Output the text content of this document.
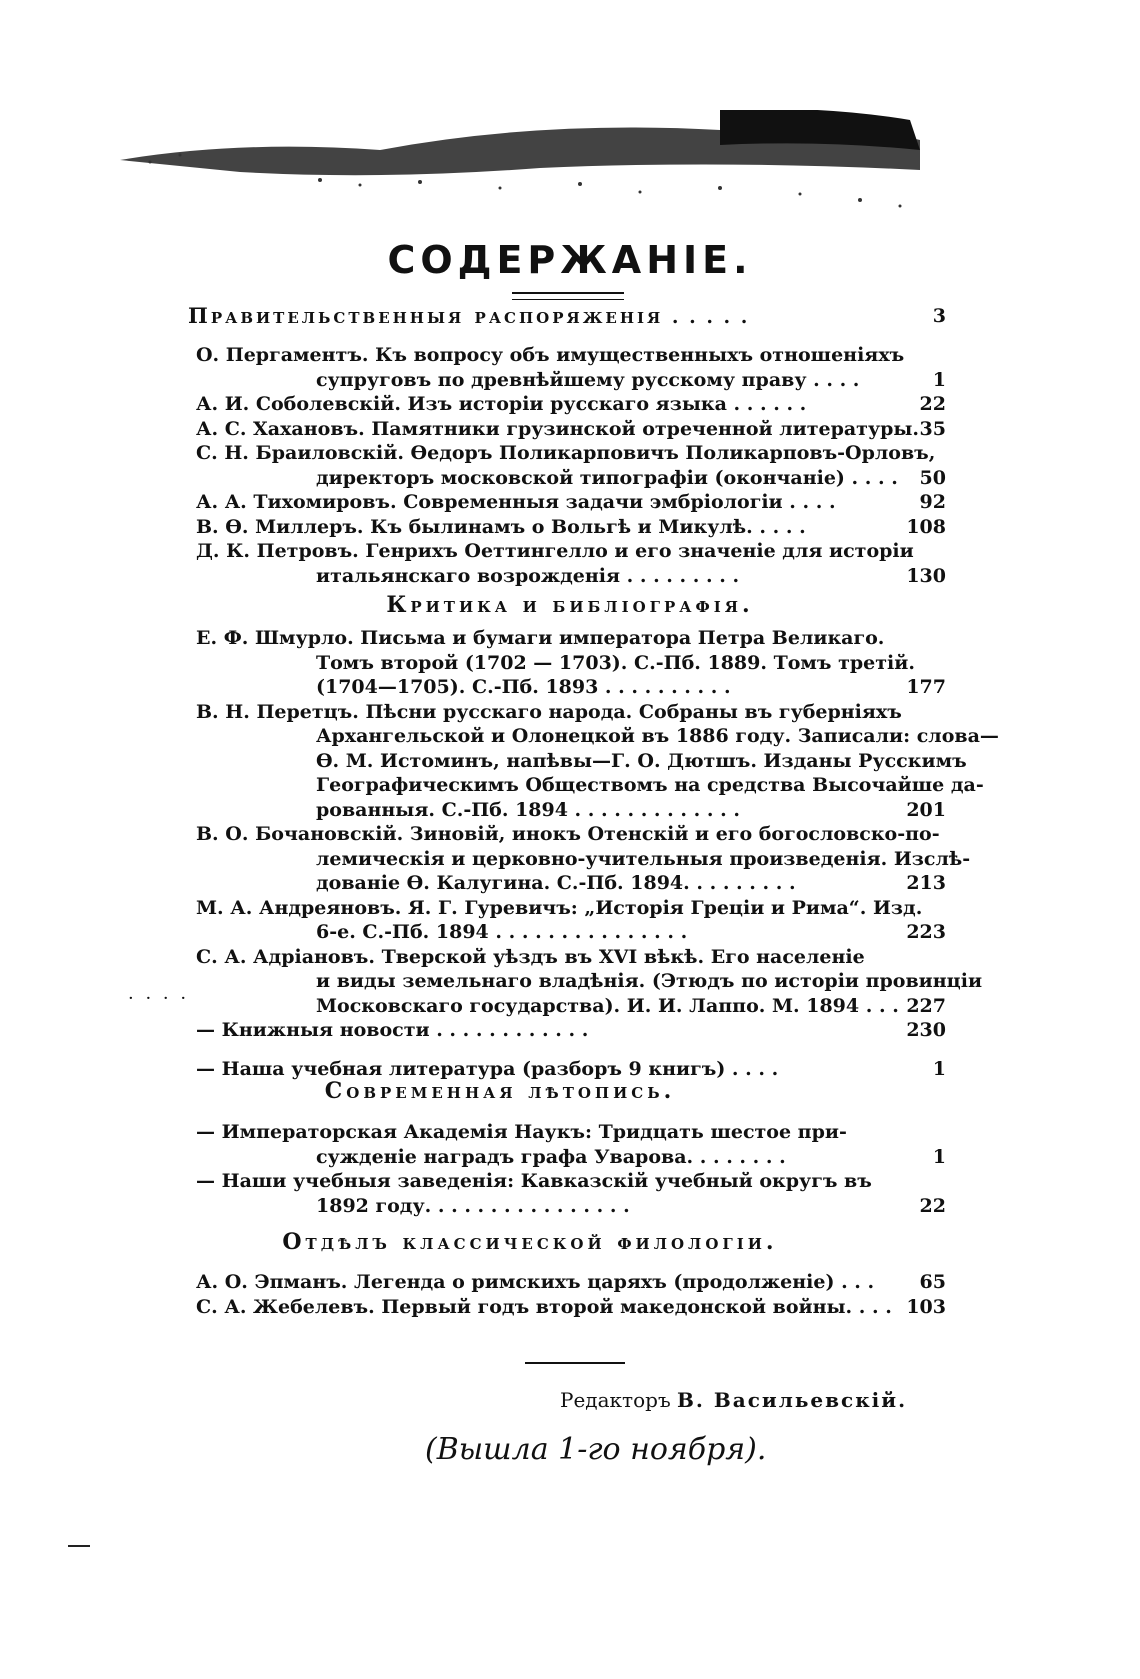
СОДЕРЖАНІЕ.
Правительственныя распоряженія . . . . .	3
О. Пергаментъ. Къ вопросу объ имущественныхъ отношеніяхъ
супруговъ по древнѣйшему русскому праву . . . .	1
А. И. Соболевскій. Изъ исторіи русскаго языка . . . . . .	22
А. С. Хахановъ. Памятники грузинской отреченной литературы. 35
С. Н. Браиловскій. Ѳедоръ Поликарповичъ Поликарповъ-Орловъ,
директоръ московской типографіи (окончаніе) . . . .	50
А. А. Тихомировъ. Современныя задачи эмбріологіи . . . .	92
В. Ѳ. Миллеръ. Къ былинамъ о Вольгѣ и Микулѣ. . . . .	108
Д. К. Петровъ. Генрихъ Оеттингелло и его значеніе для исторіи
итальянскаго возрожденія . . . . . . . . .	130
Критика и библіографія.
Е. Ф. Шмурло. Письма и бумаги императора Петра Великаго.
Томъ второй (1702 — 1703). С.-Пб. 1889. Томъ третій.
(1704—1705). С.-Пб. 1893 . . . . . . . . . .	177
В. Н. Перетцъ. Пѣсни русскаго народа. Собраны въ губерніяхъ
Архангельской и Олонецкой въ 1886 году. Записали: слова—
Ѳ. М. Истоминъ, напѣвы—Г. О. Дютшъ. Изданы Русскимъ
Географическимъ Обществомъ на средства Высочайше да-
рованныя. С.-Пб. 1894 . . . . . . . . . . . . .	201
В. О. Бочановскій. Зиновій, инокъ Отенскій и его богословско-по-
лемическія и церковно-учительныя произведенія. Изслѣ-
дованіе Ѳ. Калугина. С.-Пб. 1894. . . . . . . . .	213
М. А. Андреяновъ. Я. Г. Гуревичъ: „Исторія Греціи и Рима“. Изд.
6-е. С.-Пб. 1894 . . . . . . . . . . . . . . .	223
С. А. Адріановъ. Тверской уѣздъ въ XVI вѣкѣ. Его населеніе
и виды земельнаго владѣнія. (Этюдъ по исторіи провинціи
Московскаго государства). И. И. Лаппо. М. 1894 . . . 227
— Книжныя новости . . . . . . . . . . . .	230
— Наша учебная литература (разборъ 9 книгъ) . . . .	1
Современная лѣтопись.
— Императорская Академія Наукъ: Тридцать шестое при-
сужденіе наградъ графа Уварова. . . . . . . .	1
— Наши учебныя заведенія: Кавказскій учебный округъ въ
1892 году. . . . . . . . . . . . . . . .	22
Отдѣлъ классической филологіи.
А. О. Эпманъ. Легенда о римскихъ царяхъ (продолженіе) . . .	65
С. А. Жебелевъ. Первый годъ второй македонской войны. . . . 103
Редакторъ В. Васильевскій.
(Вышла 1-го ноября).
· · · ·
